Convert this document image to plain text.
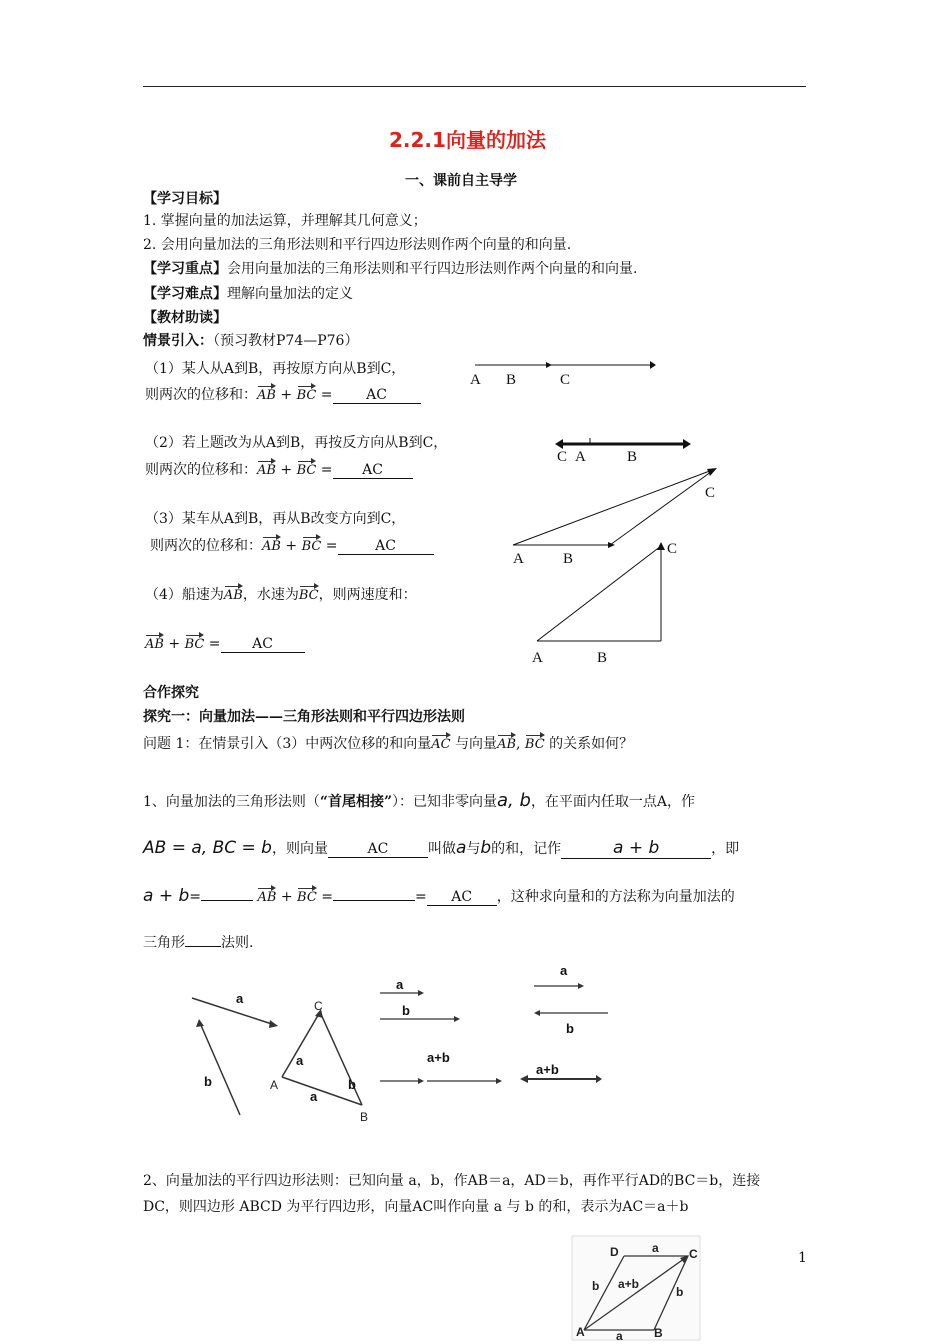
2.2.1向量的加法
一、课前自主导学
【学习目标】
1. 掌握向量的加法运算，并理解其几何意义；
2. 会用向量加法的三角形法则和平行四边形法则作两个向量的和向量.
【学习重点】会用向量加法的三角形法则和平行四边形法则作两个向量的和向量.
【学习难点】理解向量加法的定义
【教材助读】
情景引入：（预习教材P74—P76）
（1）某人从A到B，再按原方向从B到C，
则两次的位移和：AB + BC = AC
（2）若上题改为从A到B，再按反方向从B到C，
则两次的位移和：AB + BC = AC
（3）某车从A到B，再从B改变方向到C，
则两次的位移和：AB + BC =	AC
（4）船速为AB，水速为BC，则两速度和：
AB + BC = AC
A B	C
C A	B
C
A	B
C
A	B
合作探究
探究一：向量加法——三角形法则和平行四边形法则
问题 1：在情景引入（3）中两次位移的和向量AC 与向量AB, BC 的关系如何？
1、向量加法的三角形法则（“首尾相接”）：已知非零向量a, b，在平面内任取一点A，作
AB = a, BC = b，则向量	AC	叫做a与b的和，记作	a + b	，即
a + b=	AB + BC =	= AC ，这种求向量和的方法称为向量加法的
三角形	法则.
a
b
C
A
B
a
b
a
a
b
a+b
a
b
a+b
2、向量加法的平行四边形法则：已知向量 a，b，作AB＝a，AD＝b，再作平行AD的BC＝b，连接
DC，则四边形 ABCD 为平行四边形，向量AC叫作向量 a 与 b 的和，表示为AC＝a＋b
A	B
C
D	a
a
b	b
a+b
1
